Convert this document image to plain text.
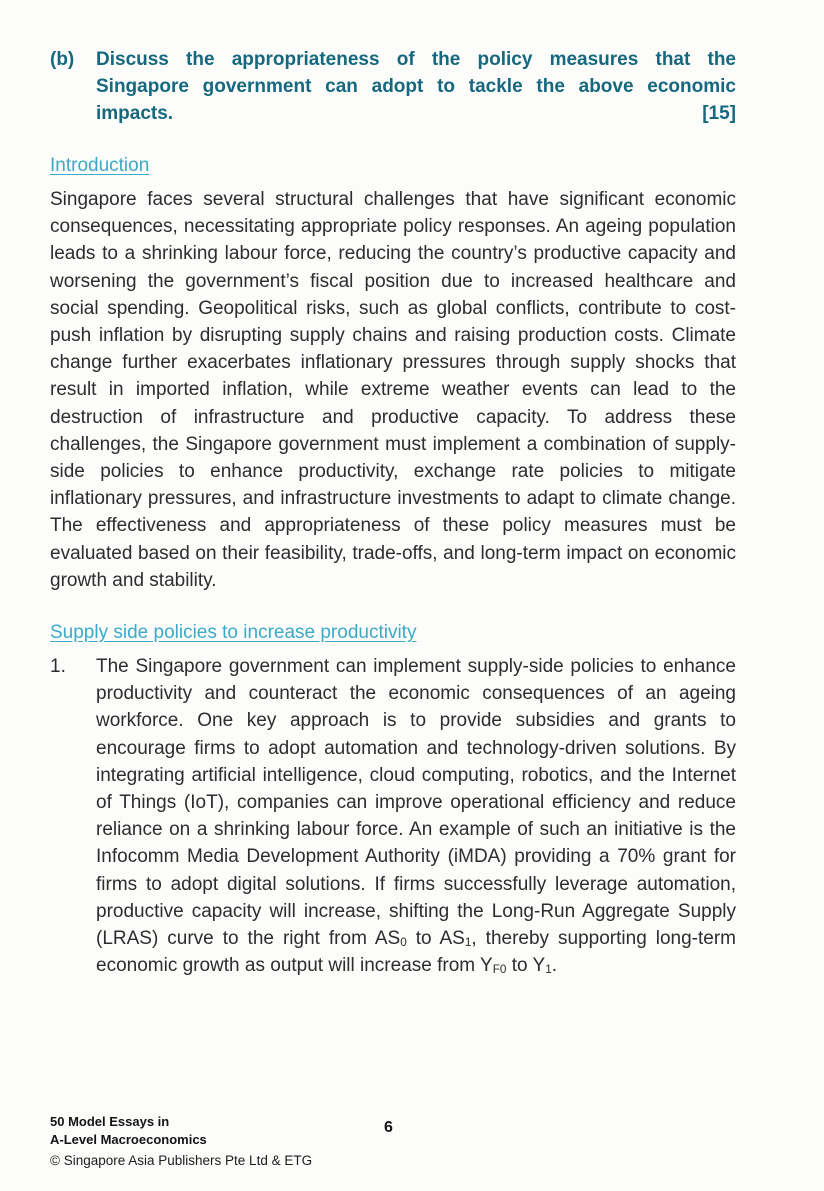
(b)	Discuss the appropriateness of the policy measures that the Singapore government can adopt to tackle the above economic impacts.	[15]
Introduction

Singapore faces several structural challenges that have significant economic consequences, necessitating appropriate policy responses. An ageing population leads to a shrinking labour force, reducing the country’s productive capacity and worsening the government’s fiscal position due to increased healthcare and social spending. Geopolitical risks, such as global conflicts, contribute to cost-push inflation by disrupting supply chains and raising production costs. Climate change further exacerbates inflationary pressures through supply shocks that result in imported inflation, while extreme weather events can lead to the destruction of infrastructure and productive capacity. To address these challenges, the Singapore government must implement a combination of supply-side policies to enhance productivity, exchange rate policies to mitigate inflationary pressures, and infrastructure investments to adapt to climate change. The effectiveness and appropriateness of these policy measures must be evaluated based on their feasibility, trade-offs, and long-term impact on economic growth and stability.

Supply side policies to increase productivity
1.	The Singapore government can implement supply-side policies to enhance productivity and counteract the economic consequences of an ageing workforce. One key approach is to provide subsidies and grants to encourage firms to adopt automation and technology-driven solutions. By integrating artificial intelligence, cloud computing, robotics, and the Internet of Things (IoT), companies can improve operational efficiency and reduce reliance on a shrinking labour force. An example of such an initiative is the Infocomm Media Development Authority (iMDA) providing a 70% grant for firms to adopt digital solutions. If firms successfully leverage automation, productive capacity will increase, shifting the Long-Run Aggregate Supply (LRAS) curve to the right from $AS_0$ to $AS_1$, thereby supporting long-term economic growth as output will increase from $Y_{F0}$ to $Y_1$.
50 Model Essays in
A-Level Macroeconomics
© Singapore Asia Publishers Pte Ltd & ETG
6
